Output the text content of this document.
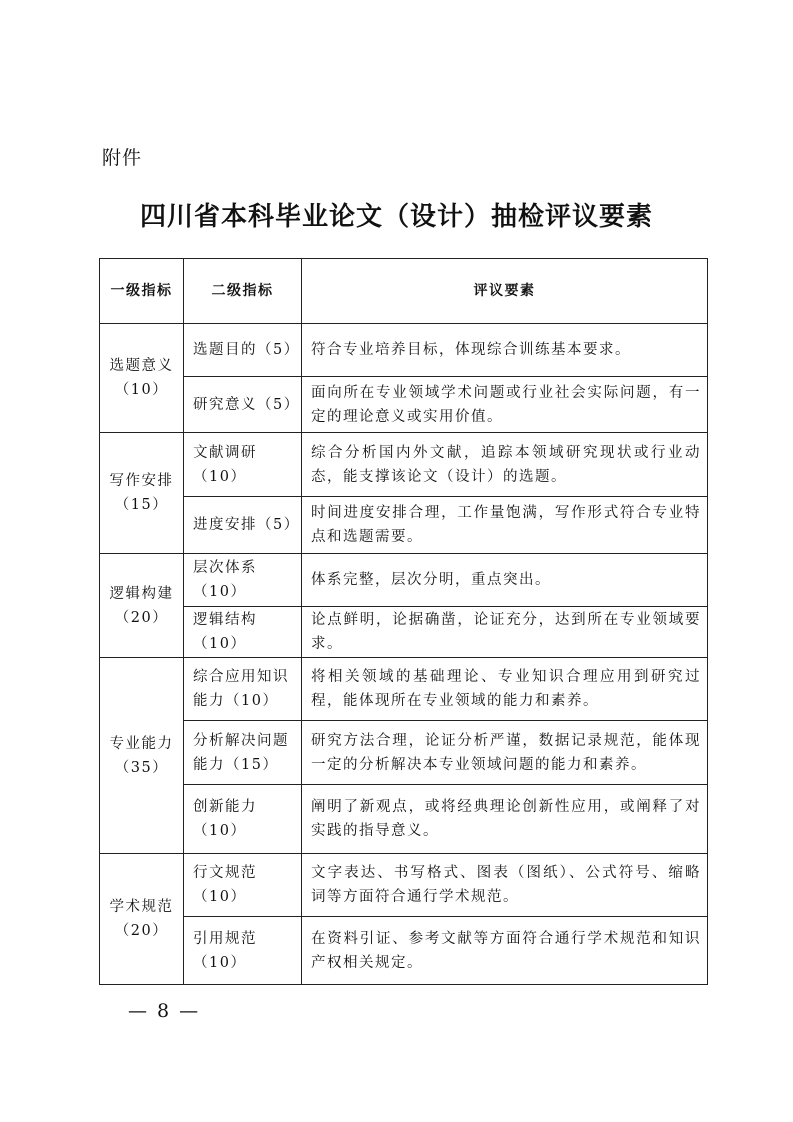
附件
四川省本科毕业论文（设计）抽检评议要素
一级指标	二级指标	评议要素
选题意义（10）	选题目的（5）	符合专业培养目标，体现综合训练基本要求。
	研究意义（5）	面向所在专业领域学术问题或行业社会实际问题，有一定的理论意义或实用价值。
写作安排（15）	文献调研（10）	综合分析国内外文献，追踪本领域研究现状或行业动态，能支撑该论文（设计）的选题。
	进度安排（5）	时间进度安排合理，工作量饱满，写作形式符合专业特点和选题需要。
逻辑构建（20）	层次体系（10）	体系完整，层次分明，重点突出。
	逻辑结构（10）	论点鲜明，论据确凿，论证充分，达到所在专业领域要求。
专业能力（35）	综合应用知识能力（10）	将相关领域的基础理论、专业知识合理应用到研究过程，能体现所在专业领域的能力和素养。
	分析解决问题能力（15）	研究方法合理，论证分析严谨，数据记录规范，能体现一定的分析解决本专业领域问题的能力和素养。
	创新能力（10）	阐明了新观点，或将经典理论创新性应用，或阐释了对实践的指导意义。
学术规范（20）	行文规范（10）	文字表达、书写格式、图表（图纸）、公式符号、缩略词等方面符合通行学术规范。
	引用规范（10）	在资料引证、参考文献等方面符合通行学术规范和知识产权相关规定。
— 8 —
